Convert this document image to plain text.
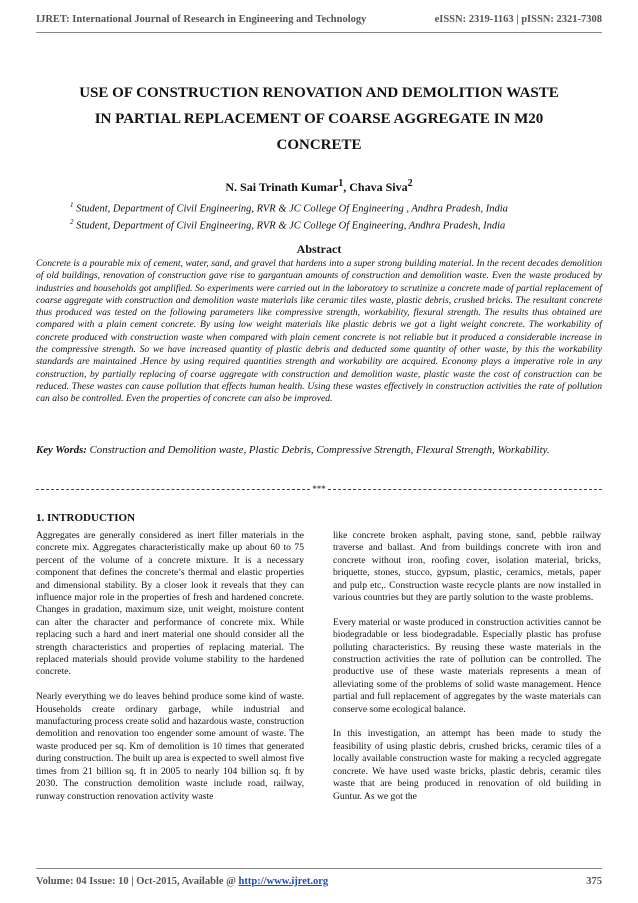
IJRET: International Journal of Research in Engineering and Technology	eISSN: 2319-1163 | pISSN: 2321-7308
USE OF CONSTRUCTION RENOVATION AND DEMOLITION WASTE
IN PARTIAL REPLACEMENT OF COARSE AGGREGATE IN M20
CONCRETE
N. Sai Trinath Kumar$^1$, Chava Siva$^2$
$^1$ Student, Department of Civil Engineering, RVR & JC College Of Engineering , Andhra Pradesh, India
$^2$ Student, Department of Civil Engineering, RVR & JC College Of Engineering, Andhra Pradesh, India
Abstract
Concrete is a pourable mix of cement, water, sand, and gravel that hardens into a super strong building material. In the recent decades demolition of old buildings, renovation of construction gave rise to gargantuan amounts of construction and demolition waste. Even the waste produced by industries and households got amplified. So experiments were carried out in the laboratory to scrutinize a concrete made of partial replacement of coarse aggregate with construction and demolition waste materials like ceramic tiles waste, plastic debris, crushed bricks. The resultant concrete thus produced was tested on the following parameters like compressive strength, workability, flexural strength. The results thus obtained are compared with a plain cement concrete. By using low weight materials like plastic debris we got a light weight concrete. The workability of concrete produced with construction waste when compared with plain cement concrete is not reliable but it produced a considerable increase in the compressive strength. So we have increased quantity of plastic debris and deducted some quantity of other waste, by this the workability standards are maintained .Hence by using required quantities strength and workability are acquired. Economy plays a imperative role in any construction, by partially replacing of coarse aggregate with construction and demolition waste, plastic waste the cost of construction can be reduced. These wastes can cause pollution that effects human health. Using these wastes effectively in construction activities the rate of pollution can also be controlled. Even the properties of concrete can also be improved.
Key Words: Construction and Demolition waste, Plastic Debris, Compressive Strength, Flexural Strength, Workability.
***
1. INTRODUCTION

Aggregates are generally considered as inert filler materials in the concrete mix. Aggregates characteristically make up about 60 to 75 percent of the volume of a concrete mixture. It is a necessary component that defines the concrete’s thermal and elastic properties and dimensional stability. By a closer look it reveals that they can influence major role in the properties of fresh and hardened concrete. Changes in gradation, maximum size, unit weight, moisture content can alter the character and performance of concrete mix. While replacing such a hard and inert material one should consider all the strength characteristics and properties of replacing material. The replaced materials should provide volume stability to the hardened concrete.

Nearly everything we do leaves behind produce some kind of waste. Households create ordinary garbage, while industrial and manufacturing process create solid and hazardous waste, construction demolition and renovation too engender some amount of waste. The waste produced per sq. Km of demolition is 10 times that generated during construction. The built up area is expected to swell almost five times from 21 billion sq. ft in 2005 to nearly 104 billion sq. ft by 2030. The construction demolition waste include road, railway, runway construction renovation activity waste

like concrete broken asphalt, paving stone, sand, pebble railway traverse and ballast. And from buildings concrete with iron and concrete without iron, roofing cover, isolation material, bricks, briquette, stones, stucco, gypsum, plastic, ceramics, metals, paper and pulp etc,. Construction waste recycle plants are now installed in various countries but they are partly solution to the waste problems.

Every material or waste produced in construction activities cannot be biodegradable or less biodegradable. Especially plastic has profuse polluting characteristics. By reusing these waste materials in the construction activities the rate of pollution can be controlled. The productive use of these waste materials represents a mean of alleviating some of the problems of solid waste management. Hence partial and full replacement of aggregates by the waste materials can conserve some ecological balance.

In this investigation, an attempt has been made to study the feasibility of using plastic debris, crushed bricks, ceramic tiles of a locally available construction waste for making a recycled aggregate concrete. We have used waste bricks, plastic debris, ceramic tiles waste that are being produced in renovation of old building in Guntur. As we got the

Volume: 04 Issue: 10 | Oct-2015, Available @ http://www.ijret.org	375
